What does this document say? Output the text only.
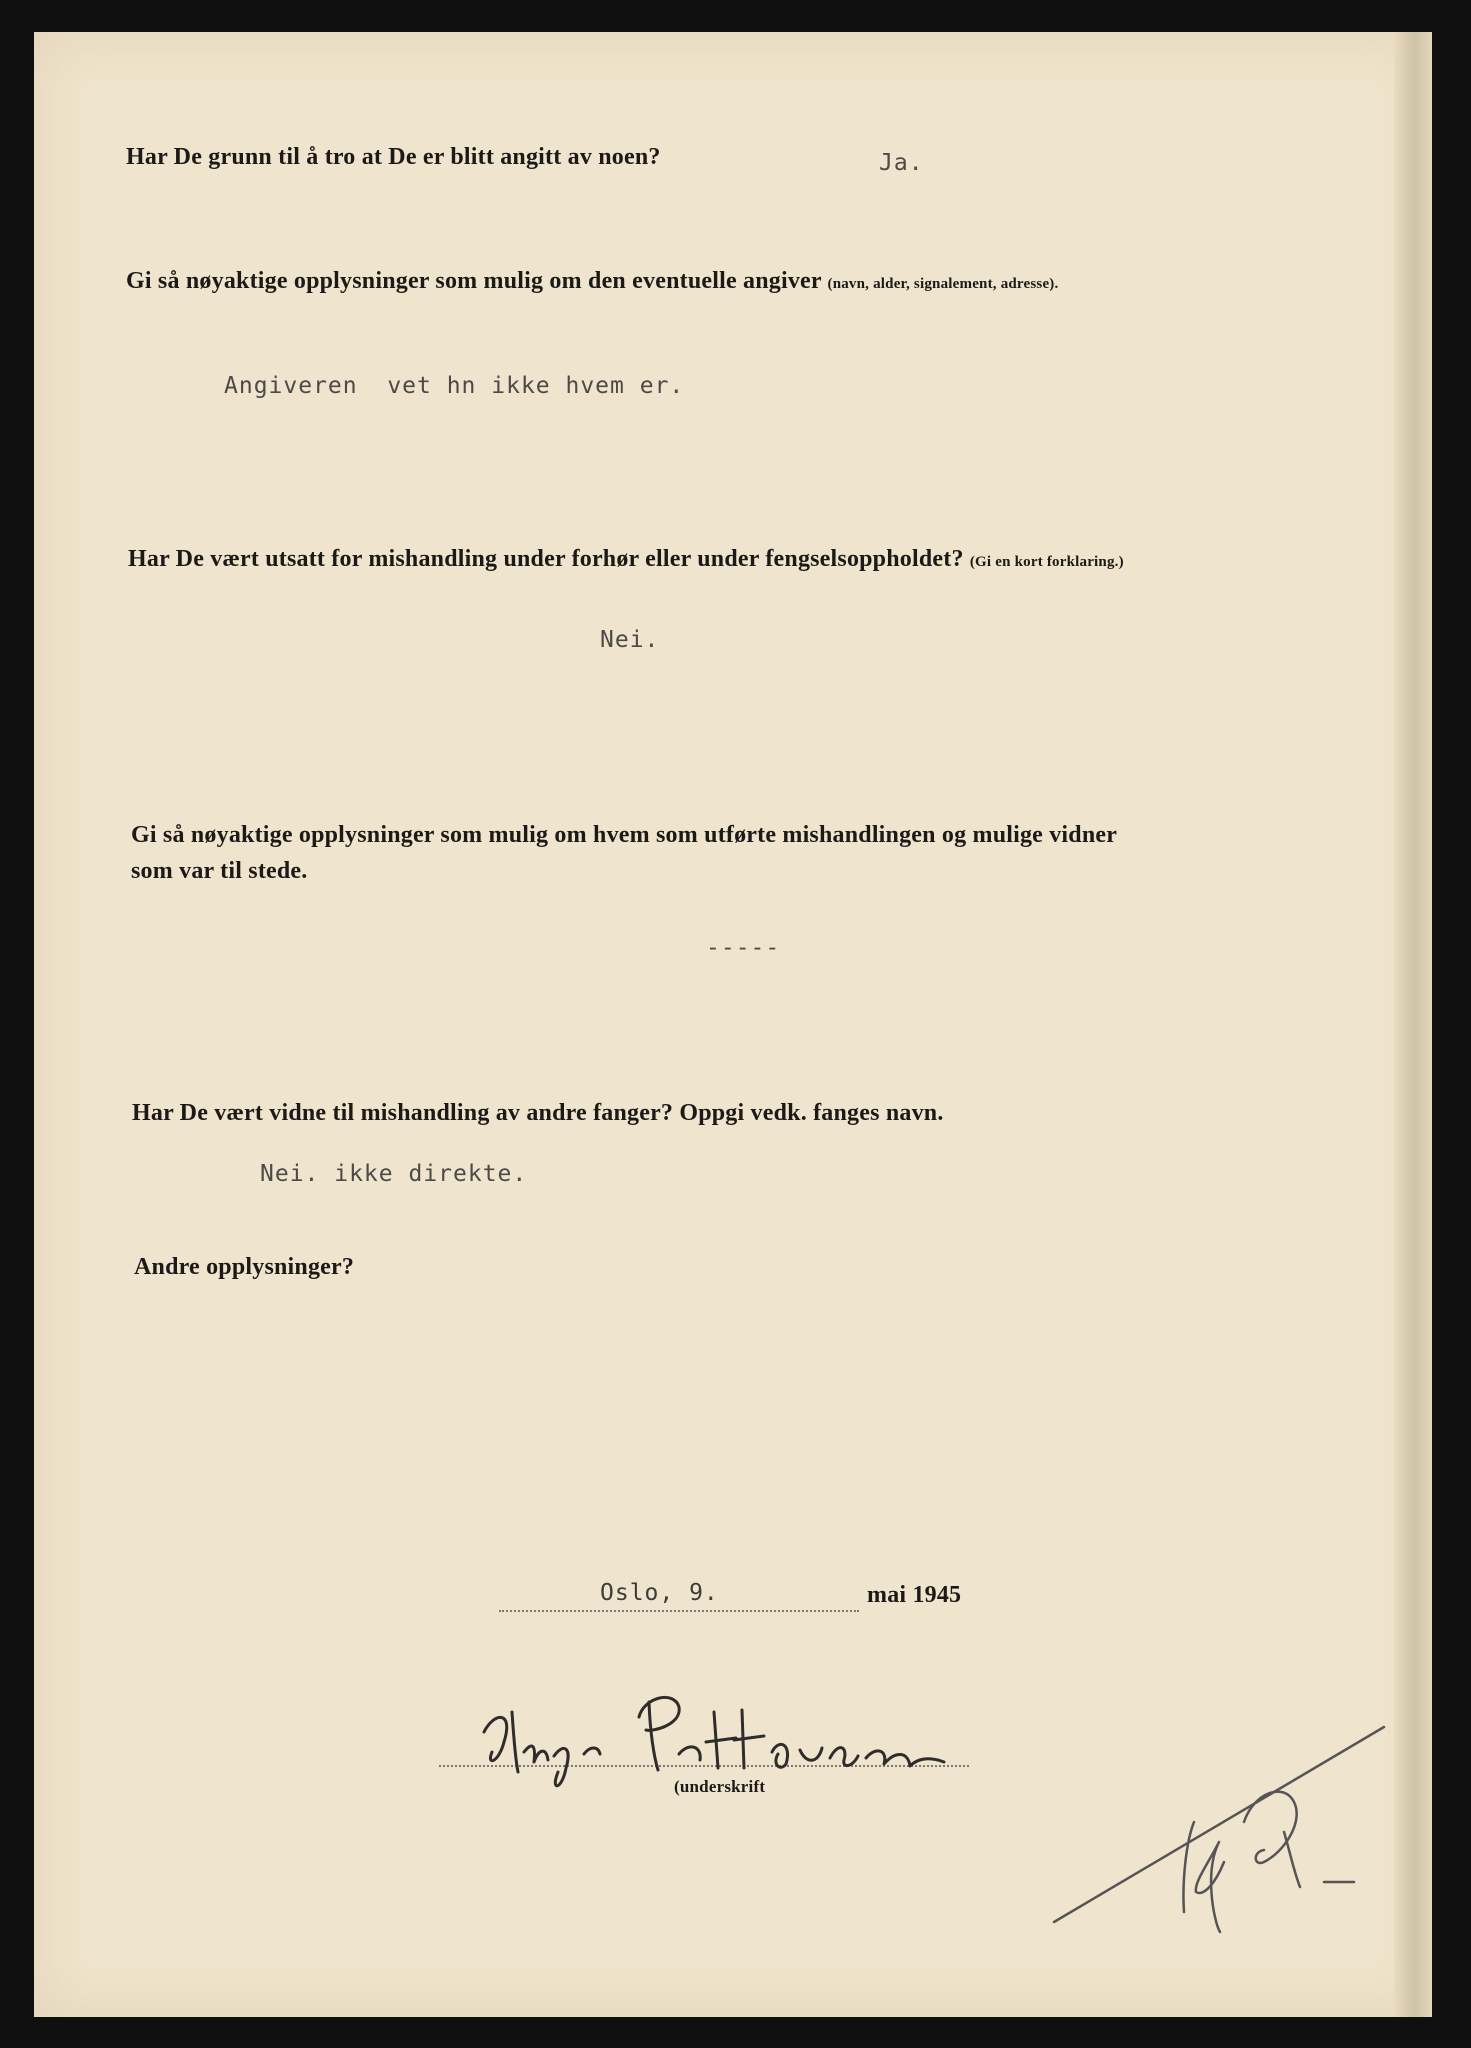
Har De grunn til å tro at De er blitt angitt av noen?	Ja.
Gi så nøyaktige opplysninger som mulig om den eventuelle angiver (navn, alder, signalement, adresse).
Angiveren  vet hn ikke hvem er.
Har De vært utsatt for mishandling under forhør eller under fengselsoppholdet? (Gi en kort forklaring.)
Nei.
Gi så nøyaktige opplysninger som mulig om hvem som utførte mishandlingen og mulige vidner
som var til stede.
-----
Har De vært vidne til mishandling av andre fanger? Oppgi vedk. fanges navn.
Nei. ikke direkte.
Andre opplysninger?
Oslo, 9.	mai 1945
(underskrift
